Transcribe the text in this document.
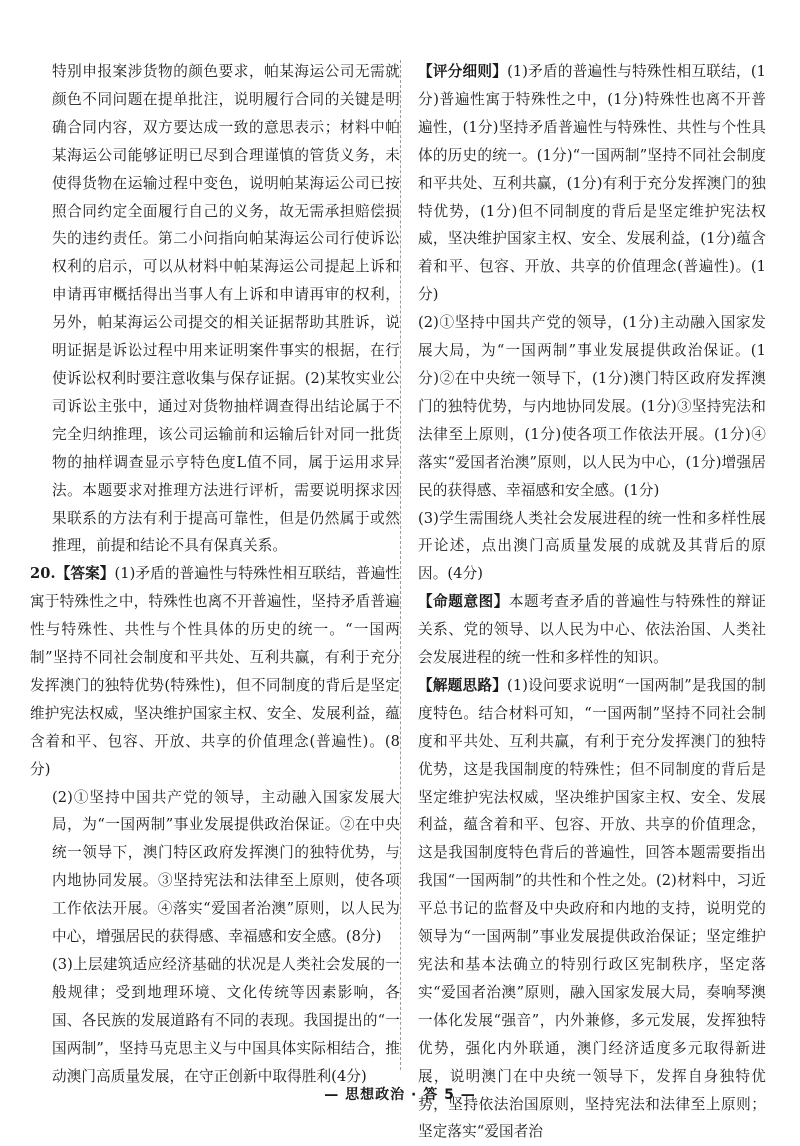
特别申报案涉货物的颜色要求，帕某海运公司无需就颜色不同问题在提单批注，说明履行合同的关键是明确合同内容，双方要达成一致的意思表示；材料中帕某海运公司能够证明已尽到合理谨慎的管货义务，未使得货物在运输过程中变色，说明帕某海运公司已按照合同约定全面履行自己的义务，故无需承担赔偿损失的违约责任。第二小问指向帕某海运公司行使诉讼权利的启示，可以从材料中帕某海运公司提起上诉和申请再审概括得出当事人有上诉和申请再审的权利，另外，帕某海运公司提交的相关证据帮助其胜诉，说明证据是诉讼过程中用来证明案件事实的根据，在行使诉讼权利时要注意收集与保存证据。(2)某牧实业公司诉讼主张中，通过对货物抽样调查得出结论属于不完全归纳推理，该公司运输前和运输后针对同一批货物的抽样调查显示亨特色度L值不同，属于运用求异法。本题要求对推理方法进行评析，需要说明探求因果联系的方法有利于提高可靠性，但是仍然属于或然推理，前提和结论不具有保真关系。

20.【答案】(1)矛盾的普遍性与特殊性相互联结，普遍性寓于特殊性之中，特殊性也离不开普遍性，坚持矛盾普遍性与特殊性、共性与个性具体的历史的统一。“一国两制”坚持不同社会制度和平共处、互利共赢，有利于充分发挥澳门的独特优势(特殊性)，但不同制度的背后是坚定维护宪法权威，坚决维护国家主权、安全、发展利益，蕴含着和平、包容、开放、共享的价值理念(普遍性)。(8分)

(2)①坚持中国共产党的领导，主动融入国家发展大局，为“一国两制”事业发展提供政治保证。②在中央统一领导下，澳门特区政府发挥澳门的独特优势，与内地协同发展。③坚持宪法和法律至上原则，使各项工作依法开展。④落实“爱国者治澳”原则，以人民为中心，增强居民的获得感、幸福感和安全感。(8分)

(3)上层建筑适应经济基础的状况是人类社会发展的一般规律；受到地理环境、文化传统等因素影响，各国、各民族的发展道路有不同的表现。我国提出的“一国两制”，坚持马克思主义与中国具体实际相结合，推动澳门高质量发展，在守正创新中取得胜利(4分)

【评分细则】(1)矛盾的普遍性与特殊性相互联结，(1分)普遍性寓于特殊性之中，(1分)特殊性也离不开普遍性，(1分)坚持矛盾普遍性与特殊性、共性与个性具体的历史的统一。(1分)“一国两制”坚持不同社会制度和平共处、互利共赢，(1分)有利于充分发挥澳门的独特优势，(1分)但不同制度的背后是坚定维护宪法权威，坚决维护国家主权、安全、发展利益，(1分)蕴含着和平、包容、开放、共享的价值理念(普遍性)。(1分)

(2)①坚持中国共产党的领导，(1分)主动融入国家发展大局，为“一国两制”事业发展提供政治保证。(1分)②在中央统一领导下，(1分)澳门特区政府发挥澳门的独特优势，与内地协同发展。(1分)③坚持宪法和法律至上原则，(1分)使各项工作依法开展。(1分)④落实“爱国者治澳”原则，以人民为中心，(1分)增强居民的获得感、幸福感和安全感。(1分)

(3)学生需围绕人类社会发展进程的统一性和多样性展开论述，点出澳门高质量发展的成就及其背后的原因。(4分)

【命题意图】本题考查矛盾的普遍性与特殊性的辩证关系、党的领导、以人民为中心、依法治国、人类社会发展进程的统一性和多样性的知识。

【解题思路】(1)设问要求说明“一国两制”是我国的制度特色。结合材料可知，“一国两制”坚持不同社会制度和平共处、互利共赢，有利于充分发挥澳门的独特优势，这是我国制度的特殊性；但不同制度的背后是坚定维护宪法权威，坚决维护国家主权、安全、发展利益，蕴含着和平、包容、开放、共享的价值理念，这是我国制度特色背后的普遍性，回答本题需要指出我国“一国两制”的共性和个性之处。(2)材料中，习近平总书记的监督及中央政府和内地的支持，说明党的领导为“一国两制”事业发展提供政治保证；坚定维护宪法和基本法确立的特别行政区宪制秩序，坚定落实“爱国者治澳”原则，融入国家发展大局，奏响琴澳一体化发展“强音”，内外兼修，多元发展，发挥独特优势，强化内外联通，澳门经济适度多元取得新进展，说明澳门在中央统一领导下，发挥自身独特优势，坚持依法治国原则，坚持宪法和法律至上原则；坚定落实“爱国者治

— 思想政治 · 答 5 —
